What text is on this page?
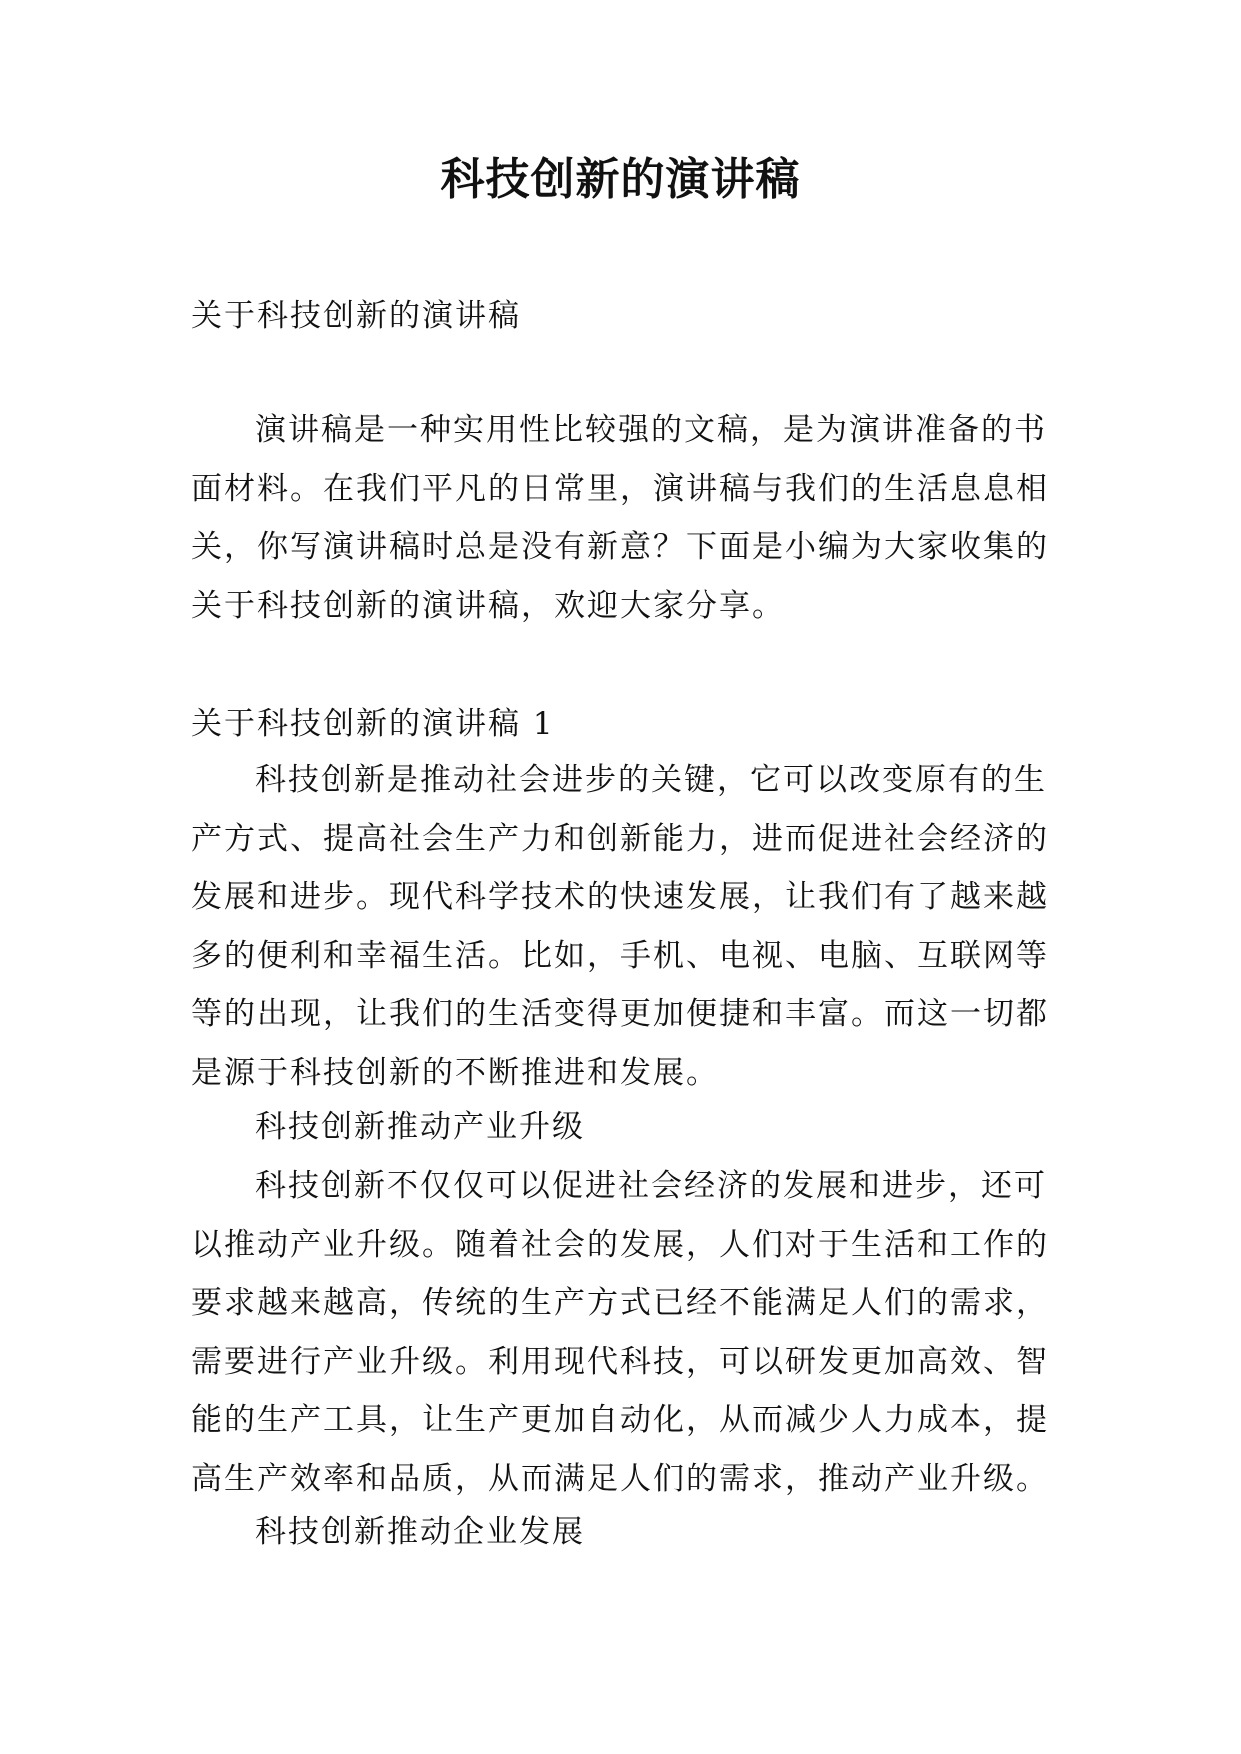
科技创新的演讲稿
关于科技创新的演讲稿
演讲稿是一种实用性比较强的文稿，是为演讲准备的书
面材料。在我们平凡的日常里，演讲稿与我们的生活息息相
关，你写演讲稿时总是没有新意？下面是小编为大家收集的
关于科技创新的演讲稿，欢迎大家分享。
关于科技创新的演讲稿 1
科技创新是推动社会进步的关键，它可以改变原有的生
产方式、提高社会生产力和创新能力，进而促进社会经济的
发展和进步。现代科学技术的快速发展，让我们有了越来越
多的便利和幸福生活。比如，手机、电视、电脑、互联网等
等的出现，让我们的生活变得更加便捷和丰富。而这一切都
是源于科技创新的不断推进和发展。
科技创新推动产业升级
科技创新不仅仅可以促进社会经济的发展和进步，还可
以推动产业升级。随着社会的发展，人们对于生活和工作的
要求越来越高，传统的生产方式已经不能满足人们的需求，
需要进行产业升级。利用现代科技，可以研发更加高效、智
能的生产工具，让生产更加自动化，从而减少人力成本，提
高生产效率和品质，从而满足人们的需求，推动产业升级。
科技创新推动企业发展
